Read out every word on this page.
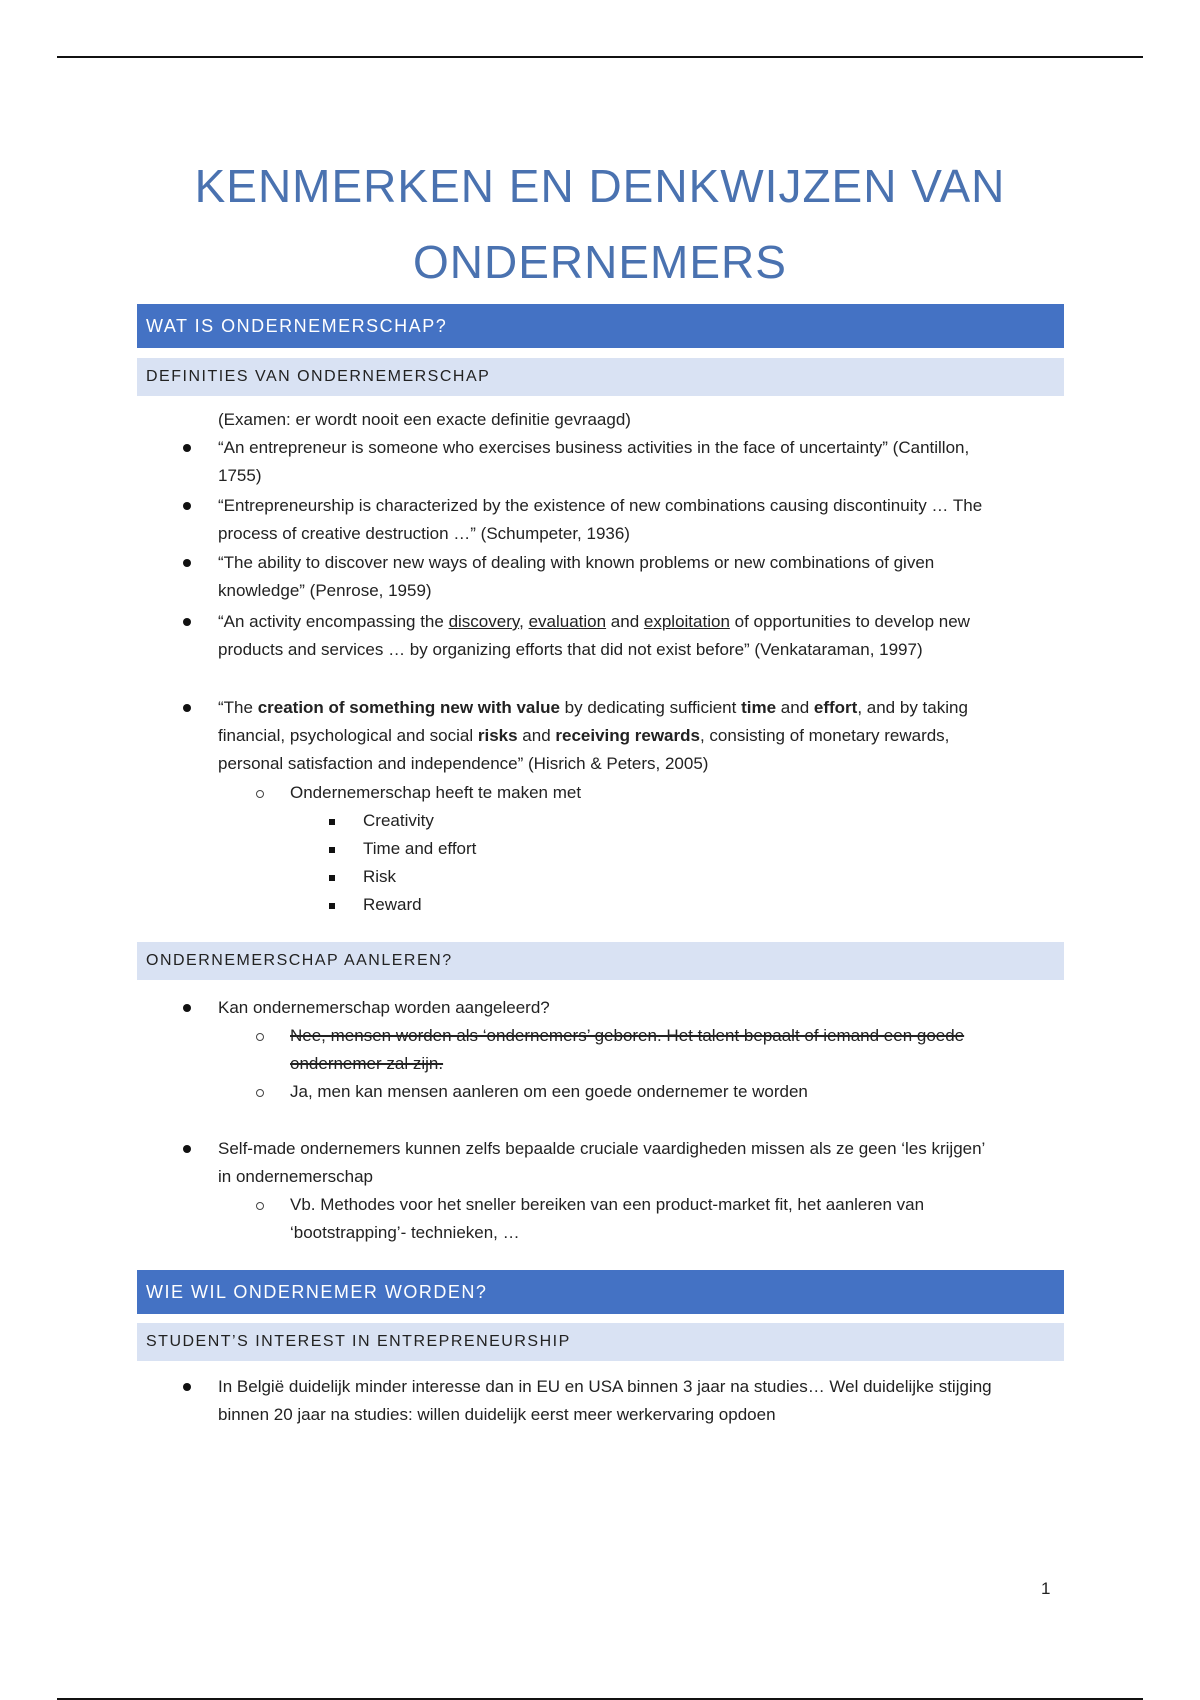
KENMERKEN EN DENKWIJZEN VAN
ONDERNEMERS
WAT IS ONDERNEMERSCHAP?
DEFINITIES VAN ONDERNEMERSCHAP
(Examen: er wordt nooit een exacte definitie gevraagd)
“An entrepreneur is someone who exercises business activities in the face of uncertainty” (Cantillon,
1755)
“Entrepreneurship is characterized by the existence of new combinations causing discontinuity … The
process of creative destruction …” (Schumpeter, 1936)
“The ability to discover new ways of dealing with known problems or new combinations of given
knowledge” (Penrose, 1959)
“An activity encompassing the discovery, evaluation and exploitation of opportunities to develop new
products and services … by organizing efforts that did not exist before” (Venkataraman, 1997)
“The creation of something new with value by dedicating sufficient time and effort, and by taking
financial, psychological and social risks and receiving rewards, consisting of monetary rewards,
personal satisfaction and independence” (Hisrich & Peters, 2005)
Ondernemerschap heeft te maken met
Creativity
Time and effort
Risk
Reward
ONDERNEMERSCHAP AANLEREN?
Kan ondernemerschap worden aangeleerd?
Nee, mensen worden als ‘ondernemers’ geboren. Het talent bepaalt of iemand een goede
ondernemer zal zijn.
Ja, men kan mensen aanleren om een goede ondernemer te worden
Self-made ondernemers kunnen zelfs bepaalde cruciale vaardigheden missen als ze geen ‘les krijgen’
in ondernemerschap
Vb. Methodes voor het sneller bereiken van een product-market fit, het aanleren van
‘bootstrapping’- technieken, …
WIE WIL ONDERNEMER WORDEN?
STUDENT’S INTEREST IN ENTREPRENEURSHIP
In België duidelijk minder interesse dan in EU en USA binnen 3 jaar na studies… Wel duidelijke stijging
binnen 20 jaar na studies: willen duidelijk eerst meer werkervaring opdoen
1
